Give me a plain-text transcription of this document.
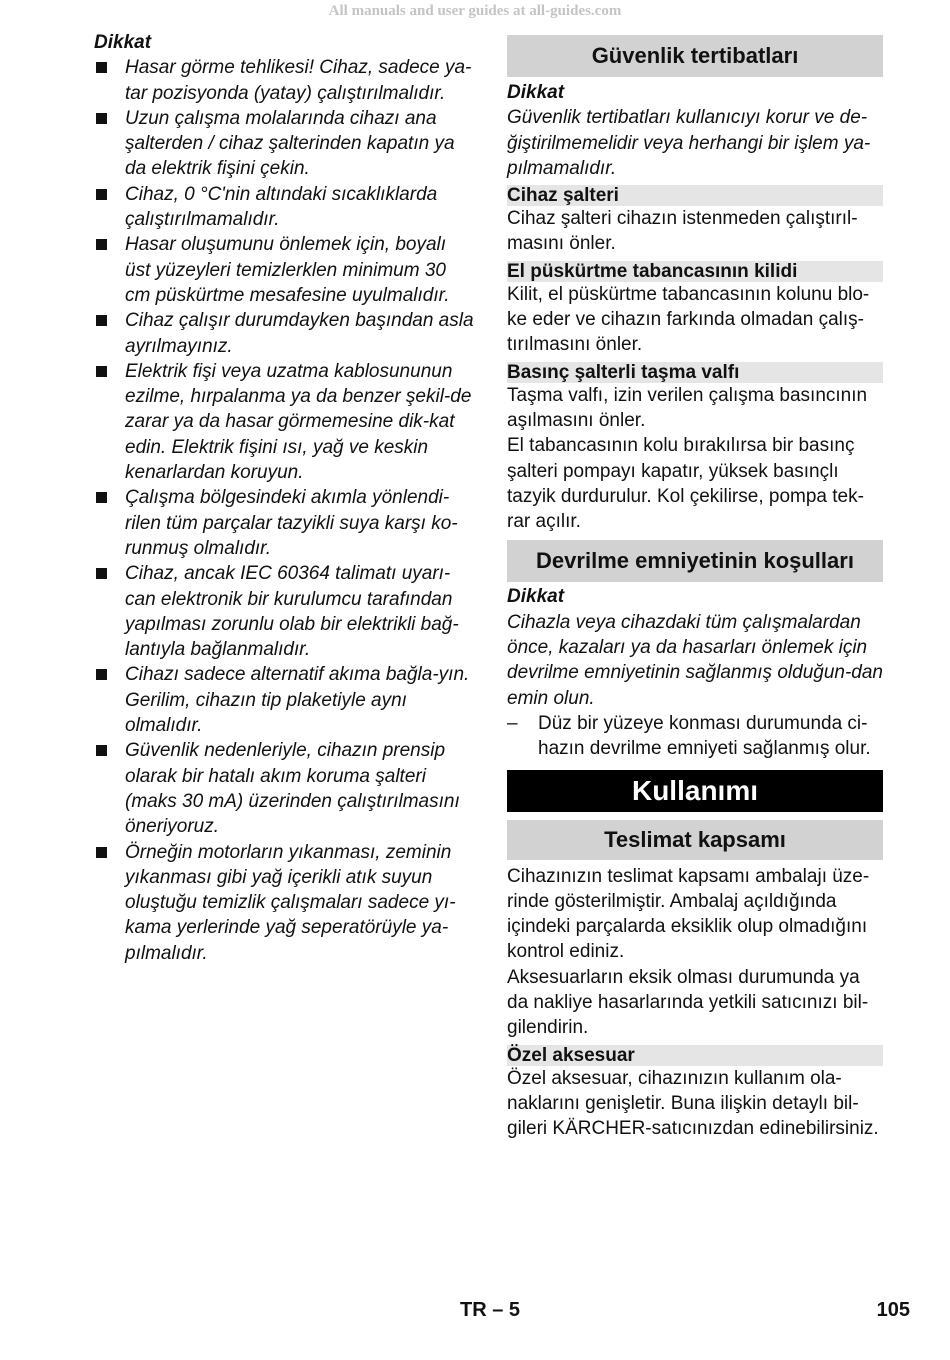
All manuals and user guides at all-guides.com
Dikkat
Hasar görme tehlikesi! Cihaz, sadece ya-tar pozisyonda (yatay) çalıştırılmalıdır.
Uzun çalışma molalarında cihazı ana şalterden / cihaz şalterinden kapatın ya da elektrik fişini çekin.
Cihaz, 0 °C'nin altındaki sıcaklıklarda çalıştırılmamalıdır.
Hasar oluşumunu önlemek için, boyalı üst yüzeyleri temizlerklen minimum 30 cm püskürtme mesafesine uyulmalıdır.
Cihaz çalışır durumdayken başından asla ayrılmayınız.
Elektrik fişi veya uzatma kablosununun ezilme, hırpalanma ya da benzer şekil-de zarar ya da hasar görmemesine dik-kat edin. Elektrik fişini ısı, yağ ve keskin kenarlardan koruyun.
Çalışma bölgesindeki akımla yönlendi-rilen tüm parçalar tazyikli suya karşı ko-runmuş olmalıdır.
Cihaz, ancak IEC 60364 talimatı uyarı-can elektronik bir kurulumcu tarafından yapılması zorunlu olab bir elektrikli bağ-lantıyla bağlanmalıdır.
Cihazı sadece alternatif akıma bağla-yın. Gerilim, cihazın tip plaketiyle aynı olmalıdır.
Güvenlik nedenleriyle, cihazın prensip olarak bir hatalı akım koruma şalteri (maks 30 mA) üzerinden çalıştırılmasını öneriyoruz.
Örneğin motorların yıkanması, zeminin yıkanması gibi yağ içerikli atık suyun oluştuğu temizlik çalışmaları sadece yı-kama yerlerinde yağ seperatörüyle ya-pılmalıdır.
Güvenlik tertibatları
Dikkat
Güvenlik tertibatları kullanıcıyı korur ve de-ğiştirilmemelidir veya herhangi bir işlem ya-pılmamalıdır.
Cihaz şalteri
Cihaz şalteri cihazın istenmeden çalıştırıl-masını önler.
El püskürtme tabancasının kilidi
Kilit, el püskürtme tabancasının kolunu blo-ke eder ve cihazın farkında olmadan çalış-tırılmasını önler.
Basınç şalterli taşma valfı
Taşma valfı, izin verilen çalışma basıncının aşılmasını önler.
El tabancasının kolu bırakılırsa bir basınç şalteri pompayı kapatır, yüksek basınçlı tazyik durdurulur. Kol çekilirse, pompa tek-rar açılır.
Devrilme emniyetinin koşulları
Dikkat
Cihazla veya cihazdaki tüm çalışmalardan önce, kazaları ya da hasarları önlemek için devrilme emniyetinin sağlanmış olduğun-dan emin olun.
– Düz bir yüzeye konması durumunda ci-hazın devrilme emniyeti sağlanmış olur.
Kullanımı
Teslimat kapsamı
Cihazınızın teslimat kapsamı ambalajı üze-rinde gösterilmiştir. Ambalaj açıldığında içindeki parçalarda eksiklik olup olmadığını kontrol ediniz.
Aksesuarların eksik olması durumunda ya da nakliye hasarlarında yetkili satıcınızı bil-gilendirin.
Özel aksesuar
Özel aksesuar, cihazınızın kullanım ola-naklarını genişletir. Buna ilişkin detaylı bil-gileri KÄRCHER-satıcınızdan edinebilirsiniz.
TR – 5	105
